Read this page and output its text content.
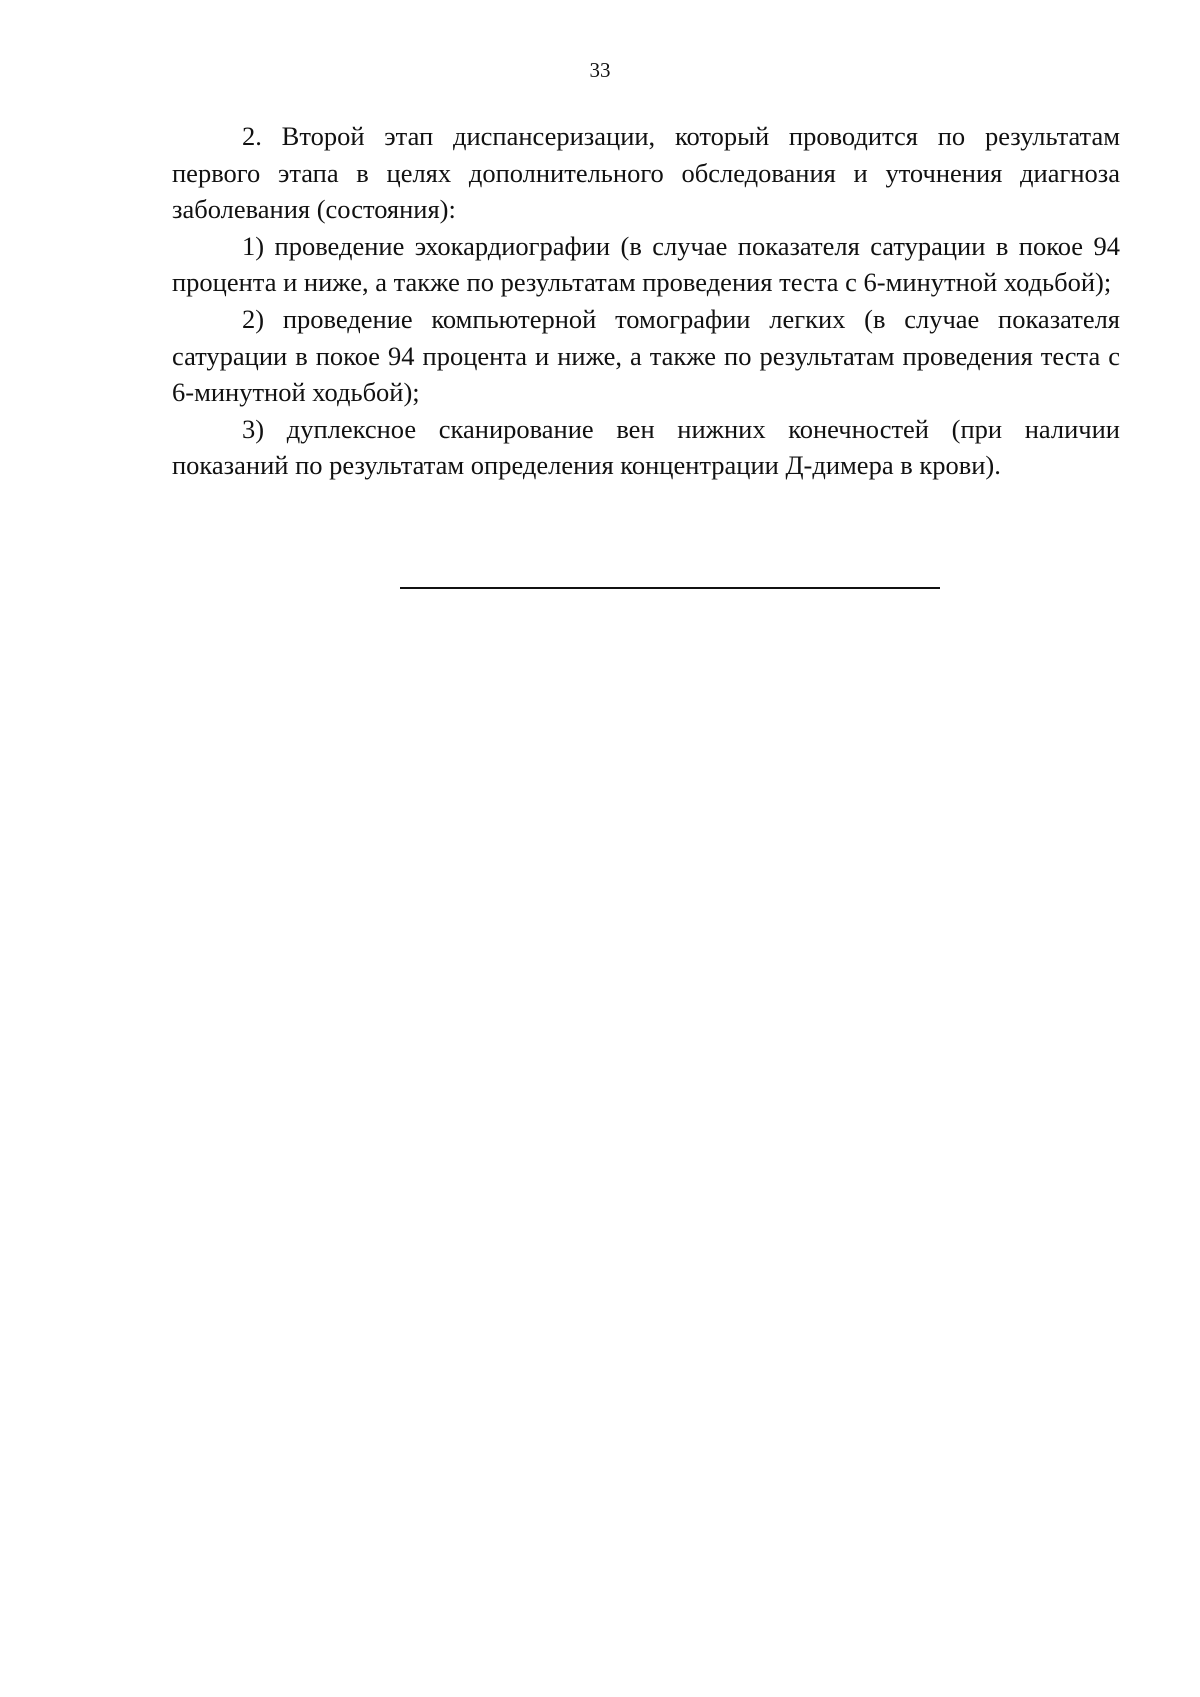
33

2. Второй этап диспансеризации, который проводится по результатам первого этапа в целях дополнительного обследования и уточнения диагноза заболевания (состояния):

1) проведение эхокардиографии (в случае показателя сатурации в покое 94 процента и ниже, а также по результатам проведения теста с 6-минутной ходьбой);

2) проведение компьютерной томографии легких (в случае показателя сатурации в покое 94 процента и ниже, а также по результатам проведения теста с 6-минутной ходьбой);

3) дуплексное сканирование вен нижних конечностей (при наличии показаний по результатам определения концентрации Д-димера в крови).
